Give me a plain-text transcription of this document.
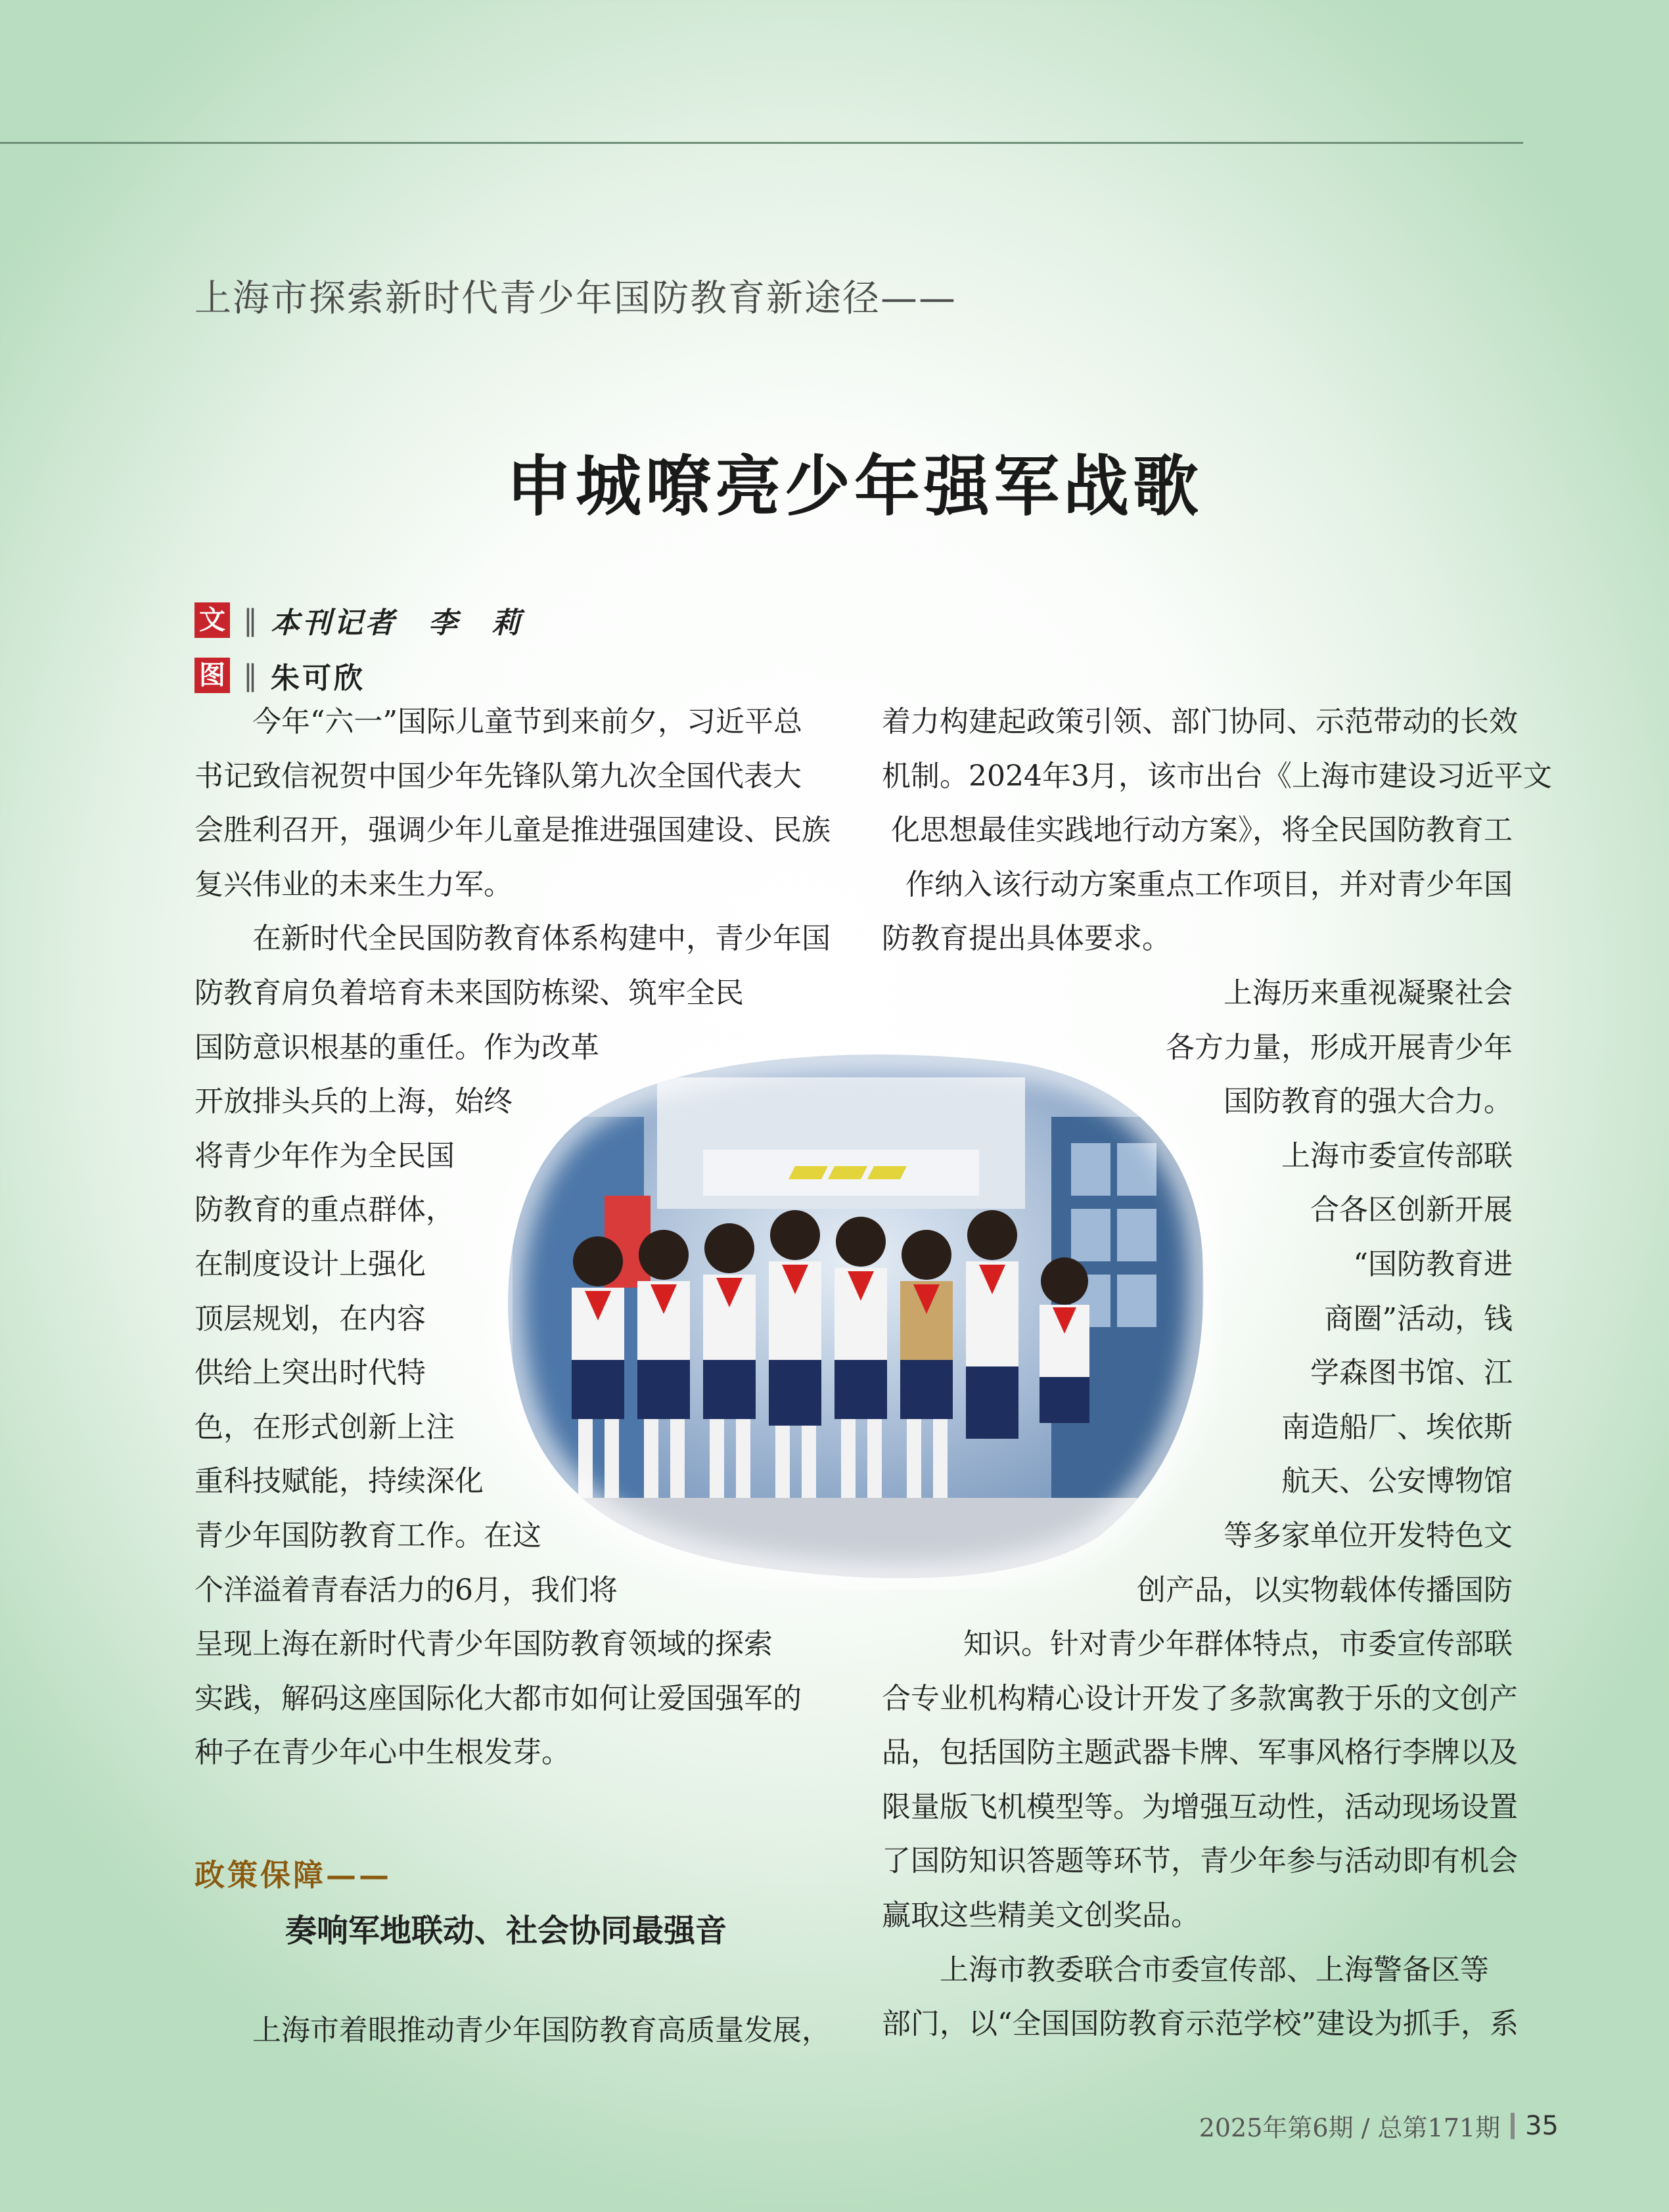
上海市探索新时代青少年国防教育新途径——
申城嘹亮少年强军战歌
文 ‖ 本刊记者　李　莉
图 ‖ 朱可欣

今年“六一”国际儿童节到来前夕，习近平总

书记致信祝贺中国少年先锋队第九次全国代表大

会胜利召开，强调少年儿童是推进强国建设、民族

复兴伟业的未来生力军。

在新时代全民国防教育体系构建中，青少年国

防教育肩负着培育未来国防栋梁、筑牢全民

国防意识根基的重任。作为改革

开放排头兵的上海，始终

将青少年作为全民国

防教育的重点群体，

在制度设计上强化

顶层规划，在内容

供给上突出时代特

色，在形式创新上注

重科技赋能，持续深化

青少年国防教育工作。在这

个洋溢着青春活力的6月，我们将

呈现上海在新时代青少年国防教育领域的探索

实践，解码这座国际化大都市如何让爱国强军的

种子在青少年心中生根发芽。

着力构建起政策引领、部门协同、示范带动的长效

机制。2024年3月，该市出台《上海市建设习近平文

化思想最佳实践地行动方案》，将全民国防教育工

作纳入该行动方案重点工作项目，并对青少年国

防教育提出具体要求。

上海历来重视凝聚社会

各方力量，形成开展青少年

国防教育的强大合力。

上海市委宣传部联

合各区创新开展

“国防教育进

商圈”活动，钱

学森图书馆、江

南造船厂、埃依斯

航天、公安博物馆

等多家单位开发特色文

创产品，以实物载体传播国防

知识。针对青少年群体特点，市委宣传部联

合专业机构精心设计开发了多款寓教于乐的文创产

品，包括国防主题武器卡牌、军事风格行李牌以及

限量版飞机模型等。为增强互动性，活动现场设置

了国防知识答题等环节，青少年参与活动即有机会

赢取这些精美文创奖品。

上海市教委联合市委宣传部、上海警备区等

部门，以“全国国防教育示范学校”建设为抓手，系

政策保障——
奏响军地联动、社会协同最强音

上海市着眼推动青少年国防教育高质量发展，

2025年第6期 / 总第171期 35
